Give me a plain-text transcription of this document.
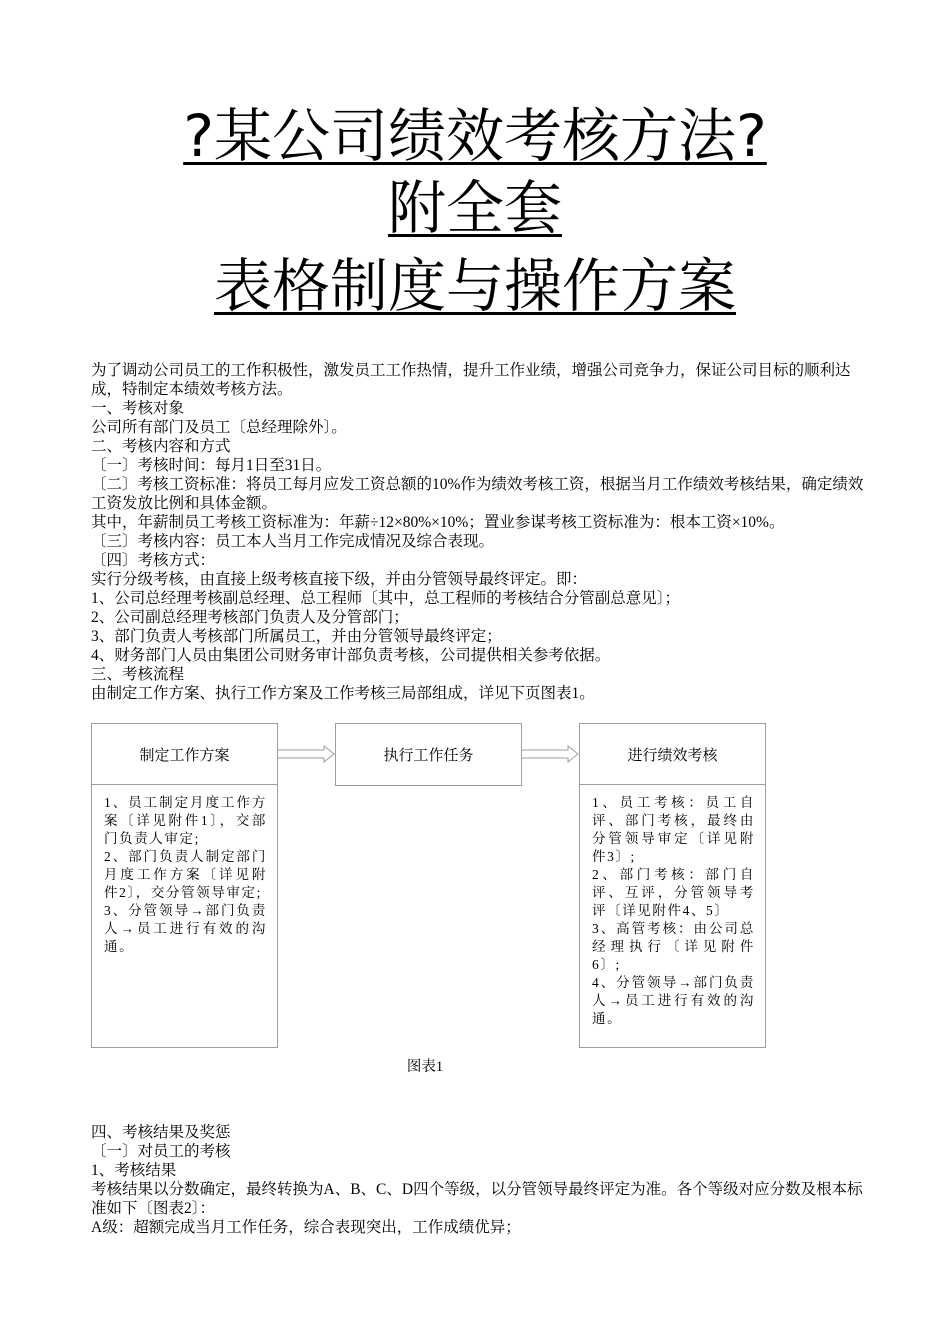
?某公司绩效考核方法?
附全套
表格制度与操作方案

为了调动公司员工的工作积极性，激发员工工作热情，提升工作业绩，增强公司竞争力，保证公司目标的顺利达成，特制定本绩效考核方法。

一、考核对象

公司所有部门及员工〔总经理除外〕。

二、考核内容和方式

〔一〕考核时间：每月1日至31日。

〔二〕考核工资标准：将员工每月应发工资总额的10%作为绩效考核工资，根据当月工作绩效考核结果，确定绩效工资发放比例和具体金额。

其中，年薪制员工考核工资标准为：年薪÷12×80%×10%；置业参谋考核工资标准为：根本工资×10%。

〔三〕考核内容：员工本人当月工作完成情况及综合表现。

〔四〕考核方式：

实行分级考核，由直接上级考核直接下级，并由分管领导最终评定。即：

1、公司总经理考核副总经理、总工程师〔其中，总工程师的考核结合分管副总意见〕；

2、公司副总经理考核部门负责人及分管部门；

3、部门负责人考核部门所属员工，并由分管领导最终评定；

4、财务部门人员由集团公司财务审计部负责考核，公司提供相关参考依据。

三、考核流程

由制定工作方案、执行工作方案及工作考核三局部组成，详见下页图表1。

制定工作方案
1、员工制定月度工作方案〔详见附件1〕，交部门负责人审定;
2、部门负责人制定部门月度工作方案〔详见附件2〕，交分管领导审定;
3、分管领导→部门负责人→员工进行有效的沟通。
执行工作任务	进行绩效考核
1、员工考核：员工自评、部门考核，最终由分管领导审定〔详见附件3〕;
2、部门考核：部门自评、互评，分管领导考评〔详见附件4、5〕
3、高管考核：由公司总经理执行〔详见附件6〕;
4、分管领导→部门负责人→员工进行有效的沟通。
图表1

四、考核结果及奖惩

〔一〕对员工的考核

1、考核结果

考核结果以分数确定，最终转换为A、B、C、D四个等级，以分管领导最终评定为准。各个等级对应分数及根本标准如下〔图表2〕：

A级：超额完成当月工作任务，综合表现突出，工作成绩优异；
